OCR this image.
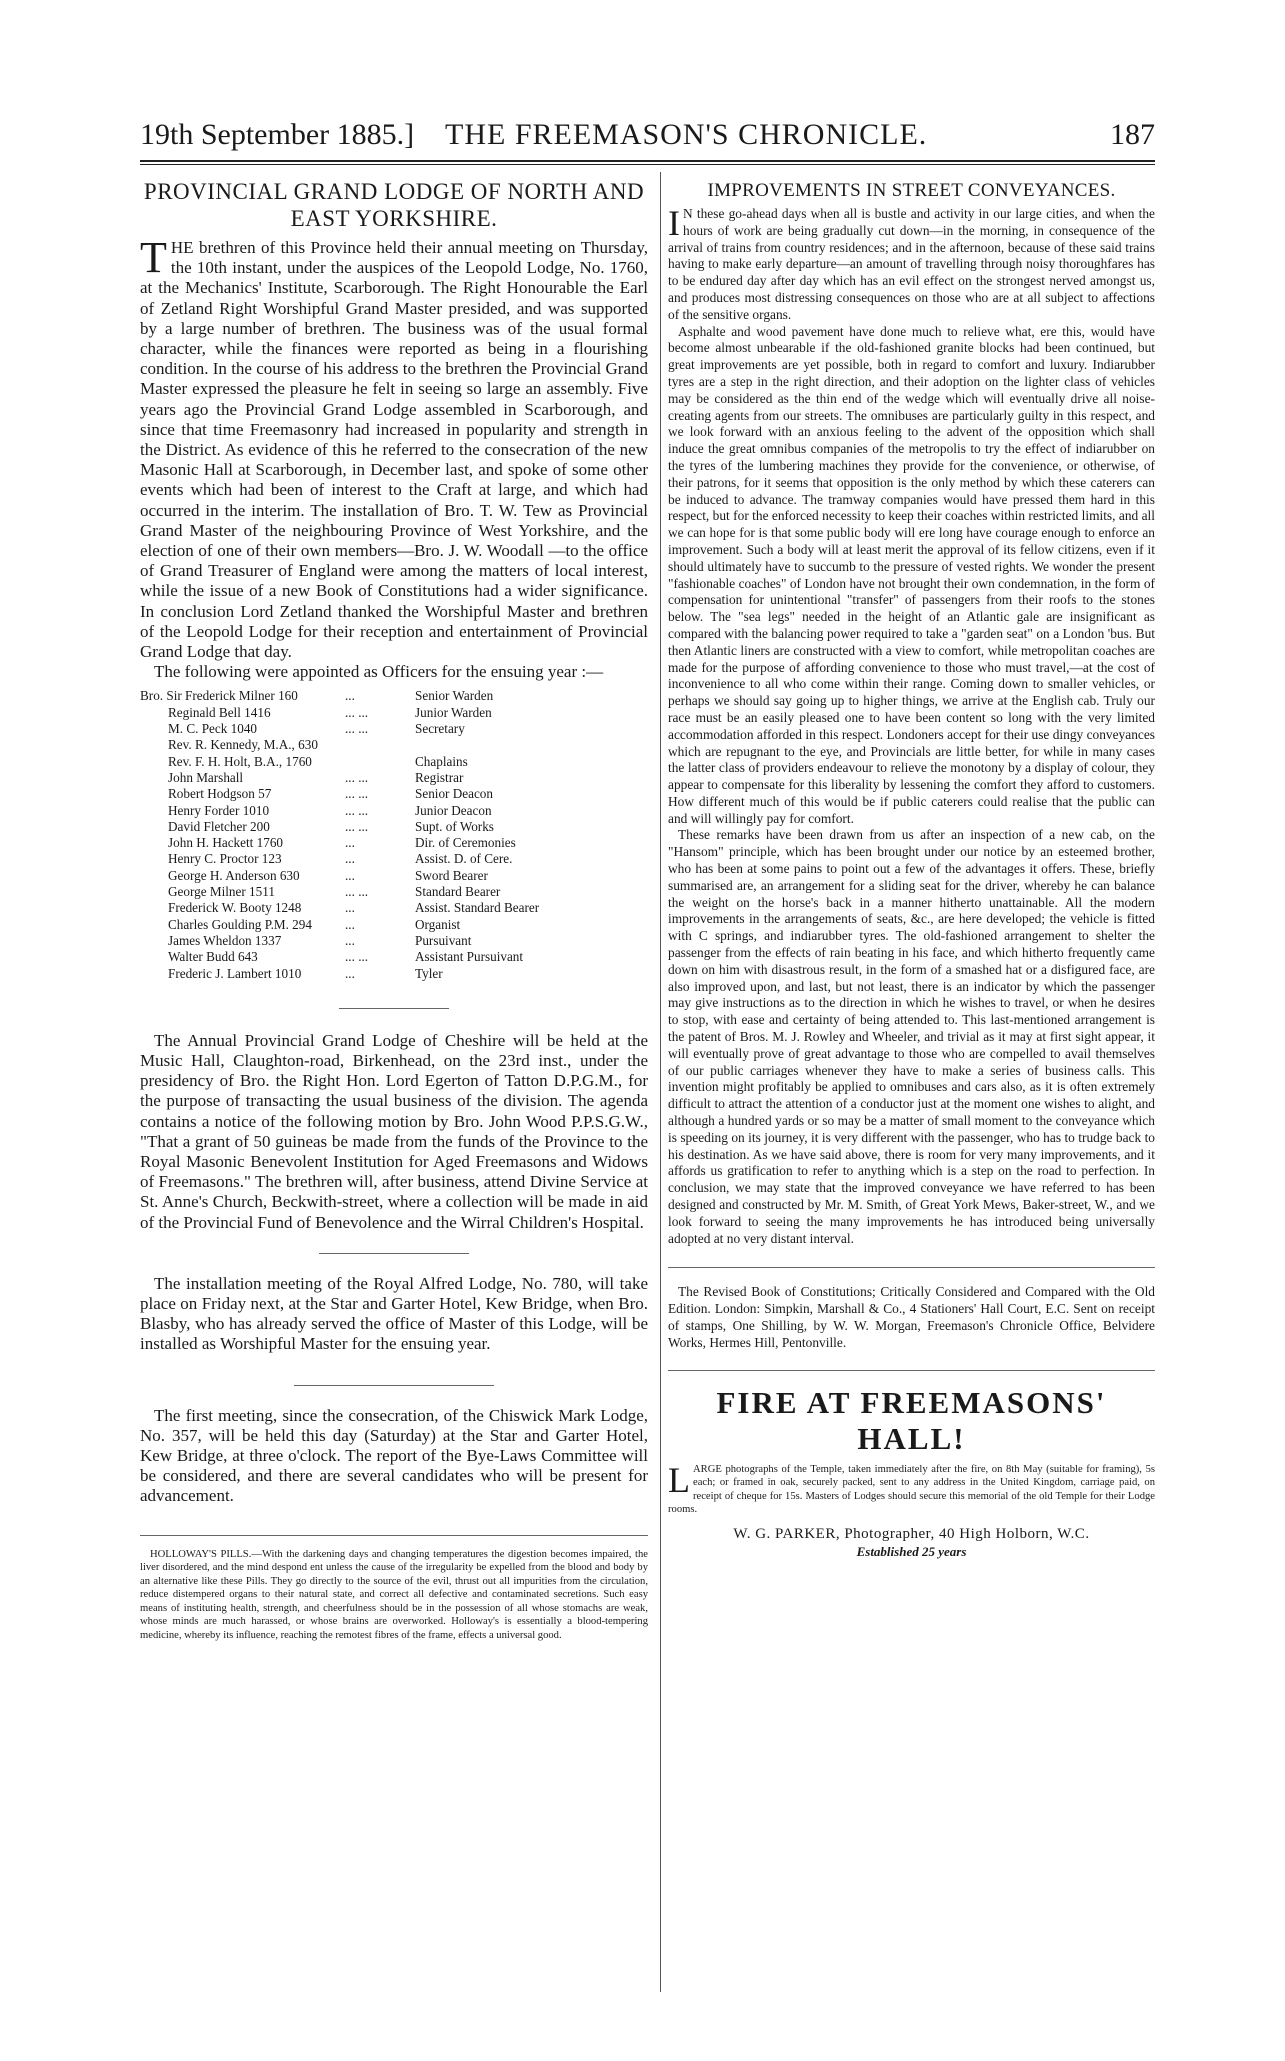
19th September 1885.] THE FREEMASON'S CHRONICLE.	187
PROVINCIAL GRAND LODGE OF NORTH AND EAST YORKSHIRE.

THE brethren of this Province held their annual meeting on Thursday, the 10th instant, under the auspices of the Leopold Lodge, No. 1760, at the Mechanics' Institute, Scarborough. The Right Honourable the Earl of Zetland Right Worshipful Grand Master presided, and was supported by a large number of brethren. The business was of the usual formal character, while the finances were reported as being in a flourishing condition. In the course of his address to the brethren the Provincial Grand Master expressed the pleasure he felt in seeing so large an assembly. Five years ago the Provincial Grand Lodge assembled in Scarborough, and since that time Freemasonry had increased in popularity and strength in the District. As evidence of this he referred to the consecration of the new Masonic Hall at Scarborough, in December last, and spoke of some other events which had been of interest to the Craft at large, and which had occurred in the interim. The installation of Bro. T. W. Tew as Provincial Grand Master of the neighbouring Province of West Yorkshire, and the election of one of their own members—Bro. J. W. Woodall —to the office of Grand Treasurer of England were among the matters of local interest, while the issue of a new Book of Constitutions had a wider significance. In conclusion Lord Zetland thanked the Worshipful Master and brethren of the Leopold Lodge for their reception and entertainment of Provincial Grand Lodge that day.

The following were appointed as Officers for the ensuing year :—

Bro. Sir Frederick Milner 160	...	Senior Warden
Reginald Bell 1416	... ...	Junior Warden
M. C. Peck 1040	... ...	Secretary
Rev. R. Kennedy, M.A., 630		
Rev. F. H. Holt, B.A., 1760		Chaplains
John Marshall	... ...	Registrar
Robert Hodgson 57	... ...	Senior Deacon
Henry Forder 1010	... ...	Junior Deacon
David Fletcher 200	... ...	Supt. of Works
John H. Hackett 1760	...	Dir. of Ceremonies
Henry C. Proctor 123	...	Assist. D. of Cere.
George H. Anderson 630	...	Sword Bearer
George Milner 1511	... ...	Standard Bearer
Frederick W. Booty 1248	...	Assist. Standard Bearer
Charles Goulding P.M. 294	...	Organist
James Wheldon 1337	...	Pursuivant
Walter Budd 643	... ...	Assistant Pursuivant
Frederic J. Lambert 1010	...	Tyler

The Annual Provincial Grand Lodge of Cheshire will be held at the Music Hall, Claughton-road, Birkenhead, on the 23rd inst., under the presidency of Bro. the Right Hon. Lord Egerton of Tatton D.P.G.M., for the purpose of transacting the usual business of the division. The agenda contains a notice of the following motion by Bro. John Wood P.P.S.G.W., "That a grant of 50 guineas be made from the funds of the Province to the Royal Masonic Benevolent Institution for Aged Freemasons and Widows of Freemasons." The brethren will, after business, attend Divine Service at St. Anne's Church, Beckwith-street, where a collection will be made in aid of the Provincial Fund of Benevolence and the Wirral Children's Hospital.

The installation meeting of the Royal Alfred Lodge, No. 780, will take place on Friday next, at the Star and Garter Hotel, Kew Bridge, when Bro. Blasby, who has already served the office of Master of this Lodge, will be installed as Worshipful Master for the ensuing year.

The first meeting, since the consecration, of the Chiswick Mark Lodge, No. 357, will be held this day (Saturday) at the Star and Garter Hotel, Kew Bridge, at three o'clock. The report of the Bye-Laws Committee will be considered, and there are several candidates who will be present for advancement.

HOLLOWAY'S PILLS.—With the darkening days and changing temperatures the digestion becomes impaired, the liver disordered, and the mind despond ent unless the cause of the irregularity be expelled from the blood and body by an alternative like these Pills. They go directly to the source of the evil, thrust out all impurities from the circulation, reduce distempered organs to their natural state, and correct all defective and contaminated secretions. Such easy means of instituting health, strength, and cheerfulness should be in the possession of all whose stomachs are weak, whose minds are much harassed, or whose brains are overworked. Holloway's is essentially a blood-tempering medicine, whereby its influence, reaching the remotest fibres of the frame, effects a universal good.

IMPROVEMENTS IN STREET CONVEYANCES.

I N these go-ahead days when all is bustle and activity in our large cities, and when the hours of work are being gradually cut down—in the morning, in consequence of the arrival of trains from country residences; and in the afternoon, because of these said trains having to make early departure—an amount of travelling through noisy thoroughfares has to be endured day after day which has an evil effect on the strongest nerved amongst us, and produces most distressing consequences on those who are at all subject to affections of the sensitive organs.

Asphalte and wood pavement have done much to relieve what, ere this, would have become almost unbearable if the old-fashioned granite blocks had been continued, but great improvements are yet possible, both in regard to comfort and luxury. Indiarubber tyres are a step in the right direction, and their adoption on the lighter class of vehicles may be considered as the thin end of the wedge which will eventually drive all noise-creating agents from our streets. The omnibuses are particularly guilty in this respect, and we look forward with an anxious feeling to the advent of the opposition which shall induce the great omnibus companies of the metropolis to try the effect of indiarubber on the tyres of the lumbering machines they provide for the convenience, or otherwise, of their patrons, for it seems that opposition is the only method by which these caterers can be induced to advance. The tramway companies would have pressed them hard in this respect, but for the enforced necessity to keep their coaches within restricted limits, and all we can hope for is that some public body will ere long have courage enough to enforce an improvement. Such a body will at least merit the approval of its fellow citizens, even if it should ultimately have to succumb to the pressure of vested rights. We wonder the present "fashionable coaches" of London have not brought their own condemnation, in the form of compensation for unintentional "transfer" of passengers from their roofs to the stones below. The "sea legs" needed in the height of an Atlantic gale are insignificant as compared with the balancing power required to take a "garden seat" on a London 'bus. But then Atlantic liners are constructed with a view to comfort, while metropolitan coaches are made for the purpose of affording convenience to those who must travel,—at the cost of inconvenience to all who come within their range. Coming down to smaller vehicles, or perhaps we should say going up to higher things, we arrive at the English cab. Truly our race must be an easily pleased one to have been content so long with the very limited accommodation afforded in this respect. Londoners accept for their use dingy conveyances which are repugnant to the eye, and Provincials are little better, for while in many cases the latter class of providers endeavour to relieve the monotony by a display of colour, they appear to compensate for this liberality by lessening the comfort they afford to customers. How different much of this would be if public caterers could realise that the public can and will willingly pay for comfort.

These remarks have been drawn from us after an inspection of a new cab, on the "Hansom" principle, which has been brought under our notice by an esteemed brother, who has been at some pains to point out a few of the advantages it offers. These, briefly summarised are, an arrangement for a sliding seat for the driver, whereby he can balance the weight on the horse's back in a manner hitherto unattainable. All the modern improvements in the arrangements of seats, &c., are here developed; the vehicle is fitted with C springs, and indiarubber tyres. The old-fashioned arrangement to shelter the passenger from the effects of rain beating in his face, and which hitherto frequently came down on him with disastrous result, in the form of a smashed hat or a disfigured face, are also improved upon, and last, but not least, there is an indicator by which the passenger may give instructions as to the direction in which he wishes to travel, or when he desires to stop, with ease and certainty of being attended to. This last-mentioned arrangement is the patent of Bros. M. J. Rowley and Wheeler, and trivial as it may at first sight appear, it will eventually prove of great advantage to those who are compelled to avail themselves of our public carriages whenever they have to make a series of business calls. This invention might profitably be applied to omnibuses and cars also, as it is often extremely difficult to attract the attention of a conductor just at the moment one wishes to alight, and although a hundred yards or so may be a matter of small moment to the conveyance which is speeding on its journey, it is very different with the passenger, who has to trudge back to his destination. As we have said above, there is room for very many improvements, and it affords us gratification to refer to anything which is a step on the road to perfection. In conclusion, we may state that the improved conveyance we have referred to has been designed and constructed by Mr. M. Smith, of Great York Mews, Baker-street, W., and we look forward to seeing the many improvements he has introduced being universally adopted at no very distant interval.

The Revised Book of Constitutions; Critically Considered and Compared with the Old Edition. London: Simpkin, Marshall & Co., 4 Stationers' Hall Court, E.C. Sent on receipt of stamps, One Shilling, by W. W. Morgan, Freemason's Chronicle Office, Belvidere Works, Hermes Hill, Pentonville.

FIRE AT FREEMASONS' HALL!

LARGE photographs of the Temple, taken immediately after the fire, on 8th May (suitable for framing), 5s each; or framed in oak, securely packed, sent to any address in the United Kingdom, carriage paid, on receipt of cheque for 15s. Masters of Lodges should secure this memorial of the old Temple for their Lodge rooms.

W. G. PARKER, Photographer, 40 High Holborn, W.C.

Established 25 years
